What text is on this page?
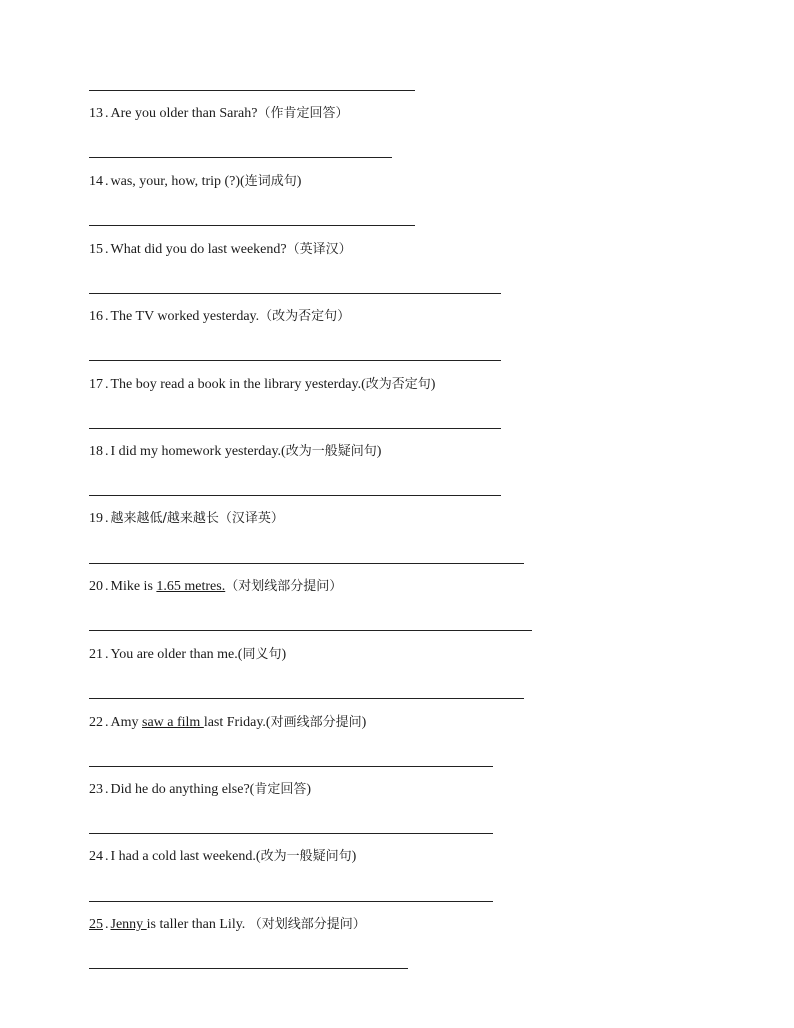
13 . Are you older than Sarah?（作肯定回答）
14 . was, your, how, trip (?)(连词成句)
15 . What did you do last weekend?（英译汉）
16 . The TV worked yesterday.（改为否定句）
17 . The boy read a book in the library yesterday.(改为否定句)
18 . I did my homework yesterday.(改为一般疑问句)
19 . 越来越低/越来越长（汉译英）
20 . Mike is 1.65 metres.（对划线部分提问）
21 . You are older than me.(同义句)
22 . Amy saw a film last Friday.(对画线部分提问)
23 . Did he do anything else?(肯定回答)
24 . I had a cold last weekend.(改为一般疑问句)
25 . Jenny is taller than Lily. （对划线部分提问）
